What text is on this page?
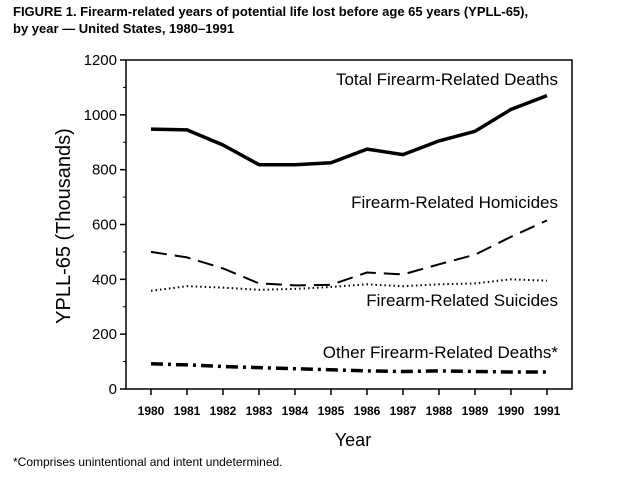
FIGURE 1. Firearm-related years of potential life lost before age 65 years (YPLL-65),
by year — United States, 1980–1991
0
200
400
600
800
1000
1200
1980 1981 1982 1983 1984 1985 1986 1987 1988 1989 1990 1991
Total Firearm-Related Deaths
Firearm-Related Homicides
Firearm-Related Suicides
Other Firearm-Related Deaths*
YPLL-65 (Thousands)
Year
*Comprises unintentional and intent undetermined.
